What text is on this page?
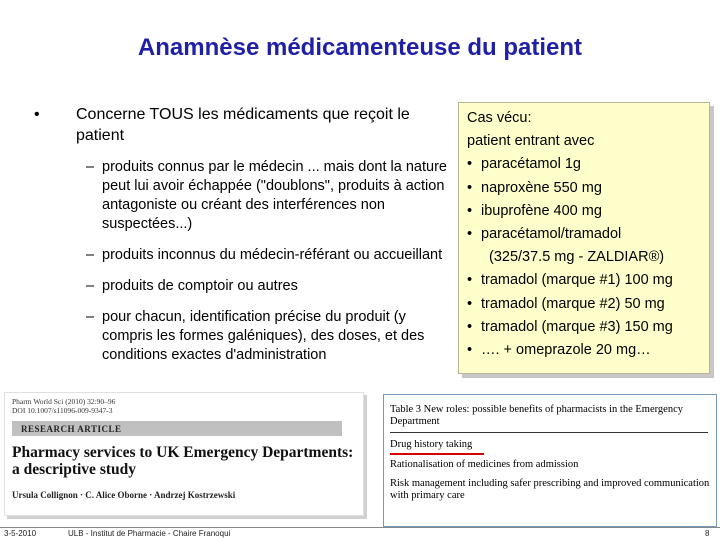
Anamnèse médicamenteuse du patient
•	Concerne TOUS les médicaments que reçoit le patient
– produits connus par le médecin ... mais dont la nature peut lui avoir échappée ("doublons", produits à action antagoniste ou créant des interférences non suspectées...)
– produits inconnus du médecin-référant ou accueillant
– produits de comptoir ou autres
– pour chacun, identification précise du produit (y compris les formes galéniques), des doses, et des conditions exactes d'administration
Cas vécu:
patient entrant avec
• paracétamol 1g
• naproxène 550 mg
• ibuprofène 400 mg
• paracétamol/tramadol
(325/37.5 mg - ZALDIAR®)
• tramadol (marque #1) 100 mg
• tramadol (marque #2) 50 mg
• tramadol (marque #3) 150 mg
• …. + omeprazole 20 mg…
Pharm World Sci (2010) 32:90–96
DOI 10.1007/s11096-009-9347-3
RESEARCH ARTICLE
Pharmacy services to UK Emergency Departments: a descriptive study
Ursula Collignon · C. Alice Oborne · Andrzej Kostrzewski
Table 3 New roles: possible benefits of pharmacists in the Emergency Department
Drug history taking
Rationalisation of medicines from admission
Risk management including safer prescribing and improved communication with primary care
3-5-2010	ULB - Institut de Pharmacie - Chaire Franoqui	8
